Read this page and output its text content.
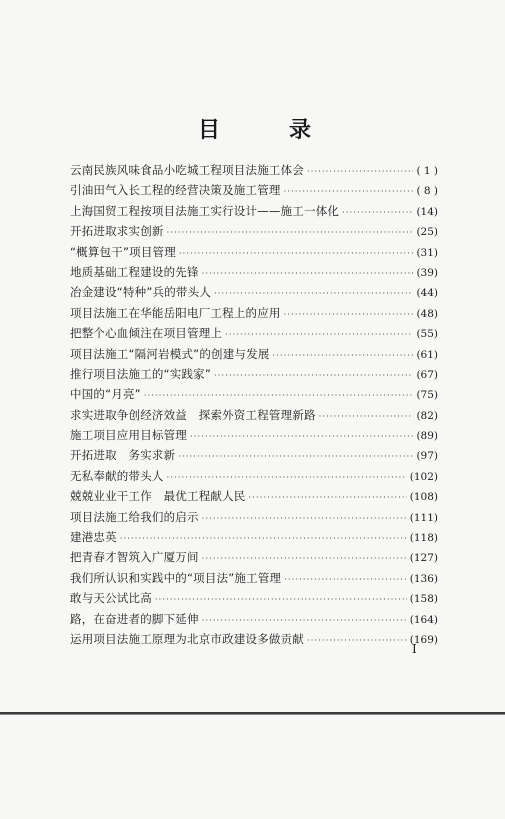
目	录
云南民族风味食品小吃城工程项目法施工体会 ·····	( 1 )
引油田气入长工程的经营决策及施工管理 ·····	( 8 )
上海国贸工程按项目法施工实行设计——施工一体化 ·····	(14)
开拓进取求实创新 ·····	(25)
“概算包干”项目管理 ·····	(31)
地质基础工程建设的先锋 ·····	(39)
冶金建设“特种”兵的带头人 ·····	(44)
项目法施工在华能岳阳电厂工程上的应用 ·····	(48)
把整个心血倾注在项目管理上 ·····	(55)
项目法施工“隔河岩模式”的创建与发展 ·····	(61)
推行项目法施工的“实践家” ·····	(67)
中国的“月亮” ·····	(75)
求实进取争创经济效益　探索外资工程管理新路 ·····	(82)
施工项目应用目标管理 ·····	(89)
开拓进取　务实求新 ·····	(97)
无私奉献的带头人 ·····	(102)
兢兢业业干工作　最优工程献人民 ·····	(108)
项目法施工给我们的启示 ·····	(111)
建港忠英 ·····	(118)
把青春才智筑入广厦万间 ·····	(127)
我们所认识和实践中的“项目法”施工管理 ·····	(136)
敢与天公试比高 ·····	(158)
路，在奋进者的脚下延伸 ·····	(164)
运用项目法施工原理为北京市政建设多做贡献 ·····	(169)
I
